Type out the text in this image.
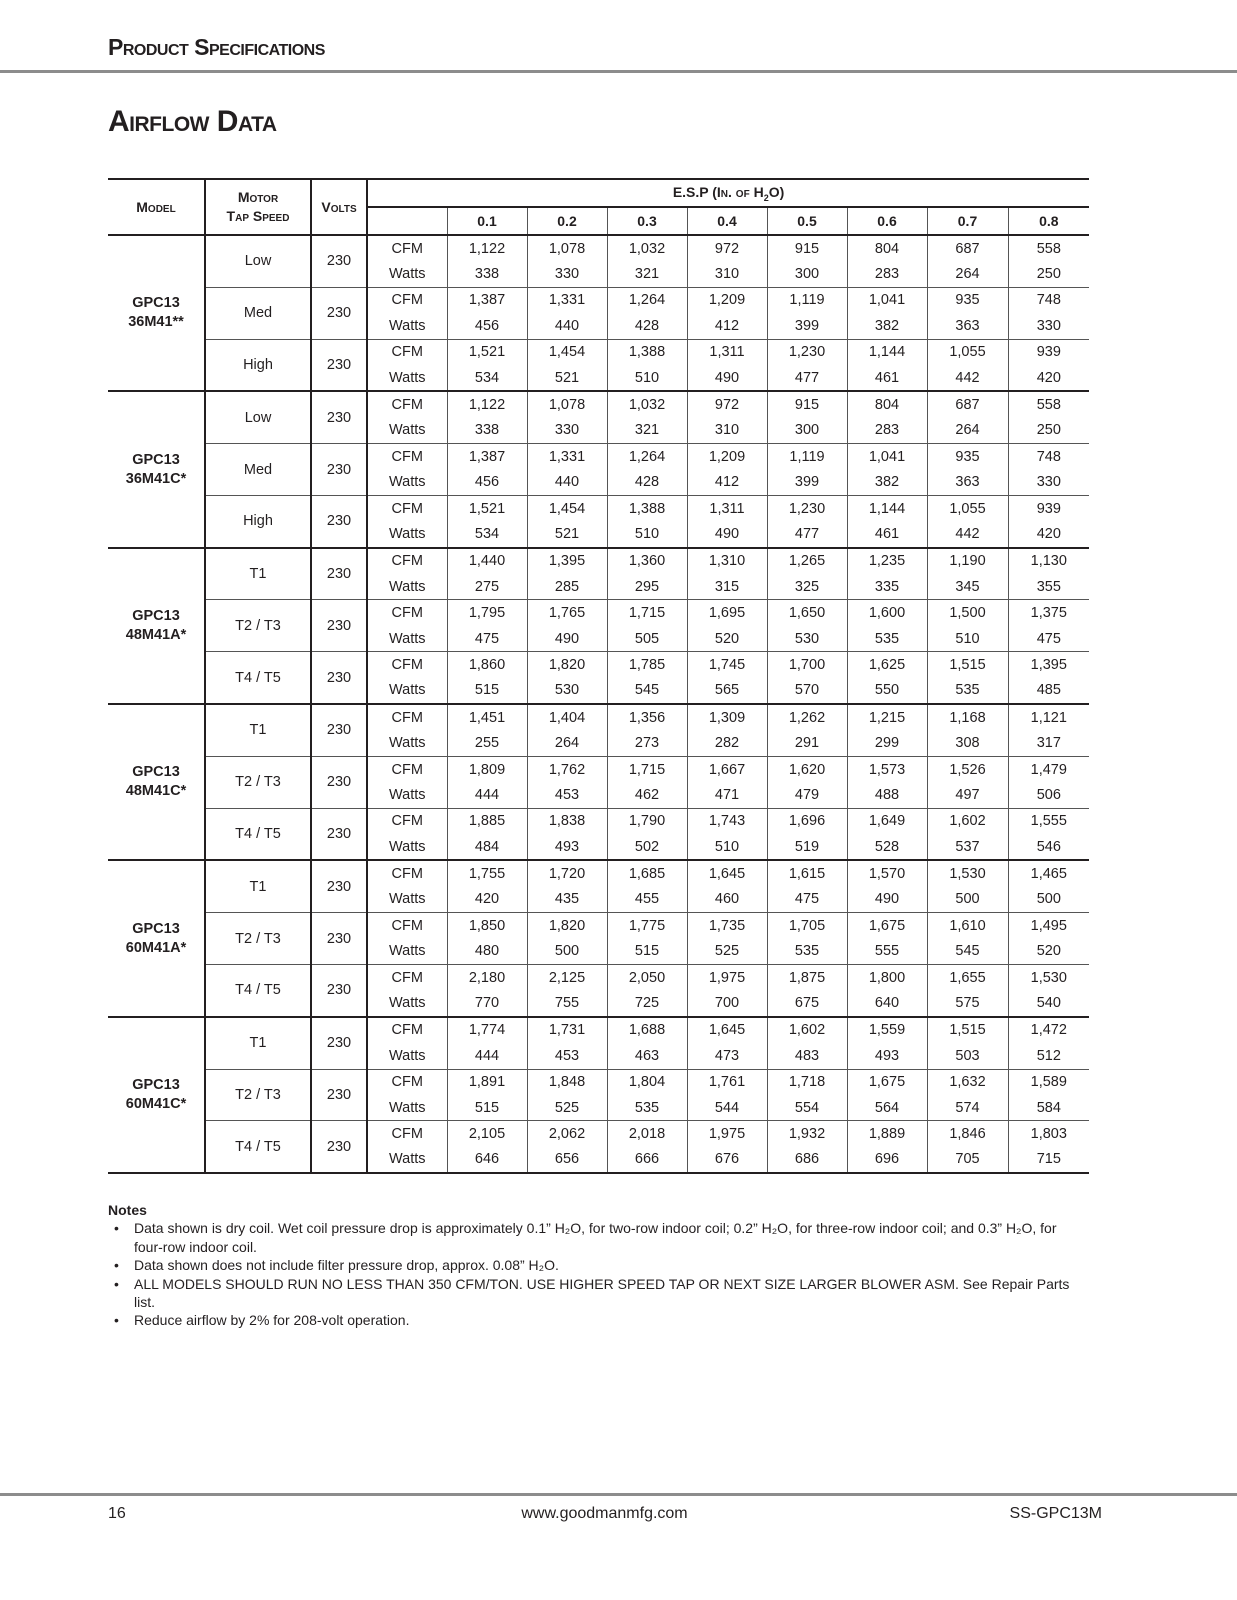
Product Specifications
Airflow Data
Model	Motor
Tap Speed	Volts	E.S.P (In. of $H_2O$)								
				0.1	0.2	0.3	0.4	0.5	0.6	0.7	0.8

GPC13
36M41**	Low	230	CFM	1,122	1,078	1,032	972	915	804	687	558
			Watts	338	330	321	310	300	283	264	250
	Med	230	CFM	1,387	1,331	1,264	1,209	1,119	1,041	935	748
			Watts	456	440	428	412	399	382	363	330
	High	230	CFM	1,521	1,454	1,388	1,311	1,230	1,144	1,055	939
			Watts	534	521	510	490	477	461	442	420

GPC13
36M41C*	Low	230	CFM	1,122	1,078	1,032	972	915	804	687	558
			Watts	338	330	321	310	300	283	264	250
	Med	230	CFM	1,387	1,331	1,264	1,209	1,119	1,041	935	748
			Watts	456	440	428	412	399	382	363	330
	High	230	CFM	1,521	1,454	1,388	1,311	1,230	1,144	1,055	939
			Watts	534	521	510	490	477	461	442	420

GPC13
48M41A*	T1	230	CFM	1,440	1,395	1,360	1,310	1,265	1,235	1,190	1,130
			Watts	275	285	295	315	325	335	345	355
	T2 / T3	230	CFM	1,795	1,765	1,715	1,695	1,650	1,600	1,500	1,375
			Watts	475	490	505	520	530	535	510	475
	T4 / T5	230	CFM	1,860	1,820	1,785	1,745	1,700	1,625	1,515	1,395
			Watts	515	530	545	565	570	550	535	485

GPC13
48M41C*	T1	230	CFM	1,451	1,404	1,356	1,309	1,262	1,215	1,168	1,121
			Watts	255	264	273	282	291	299	308	317
	T2 / T3	230	CFM	1,809	1,762	1,715	1,667	1,620	1,573	1,526	1,479
			Watts	444	453	462	471	479	488	497	506
	T4 / T5	230	CFM	1,885	1,838	1,790	1,743	1,696	1,649	1,602	1,555
			Watts	484	493	502	510	519	528	537	546

GPC13
60M41A*	T1	230	CFM	1,755	1,720	1,685	1,645	1,615	1,570	1,530	1,465
			Watts	420	435	455	460	475	490	500	500
	T2 / T3	230	CFM	1,850	1,820	1,775	1,735	1,705	1,675	1,610	1,495
			Watts	480	500	515	525	535	555	545	520
	T4 / T5	230	CFM	2,180	2,125	2,050	1,975	1,875	1,800	1,655	1,530
			Watts	770	755	725	700	675	640	575	540

GPC13
60M41C*	T1	230	CFM	1,774	1,731	1,688	1,645	1,602	1,559	1,515	1,472
			Watts	444	453	463	473	483	493	503	512
	T2 / T3	230	CFM	1,891	1,848	1,804	1,761	1,718	1,675	1,632	1,589
			Watts	515	525	535	544	554	564	574	584
	T4 / T5	230	CFM	2,105	2,062	2,018	1,975	1,932	1,889	1,846	1,803
			Watts	646	656	666	676	686	696	705	715
Notes
• Data shown is dry coil. Wet coil pressure drop is approximately 0.1” H₂O, for two-row indoor coil; 0.2” H₂O, for three-row indoor coil; and 0.3” H₂O, for four-row indoor coil.
• Data shown does not include filter pressure drop, approx. 0.08” H₂O.
• ALL MODELS SHOULD RUN NO LESS THAN 350 CFM/TON. USE HIGHER SPEED TAP OR NEXT SIZE LARGER BLOWER ASM. See Repair Parts list.
• Reduce airflow by 2% for 208-volt operation.
16	www.goodmanmfg.com	SS-GPC13M
